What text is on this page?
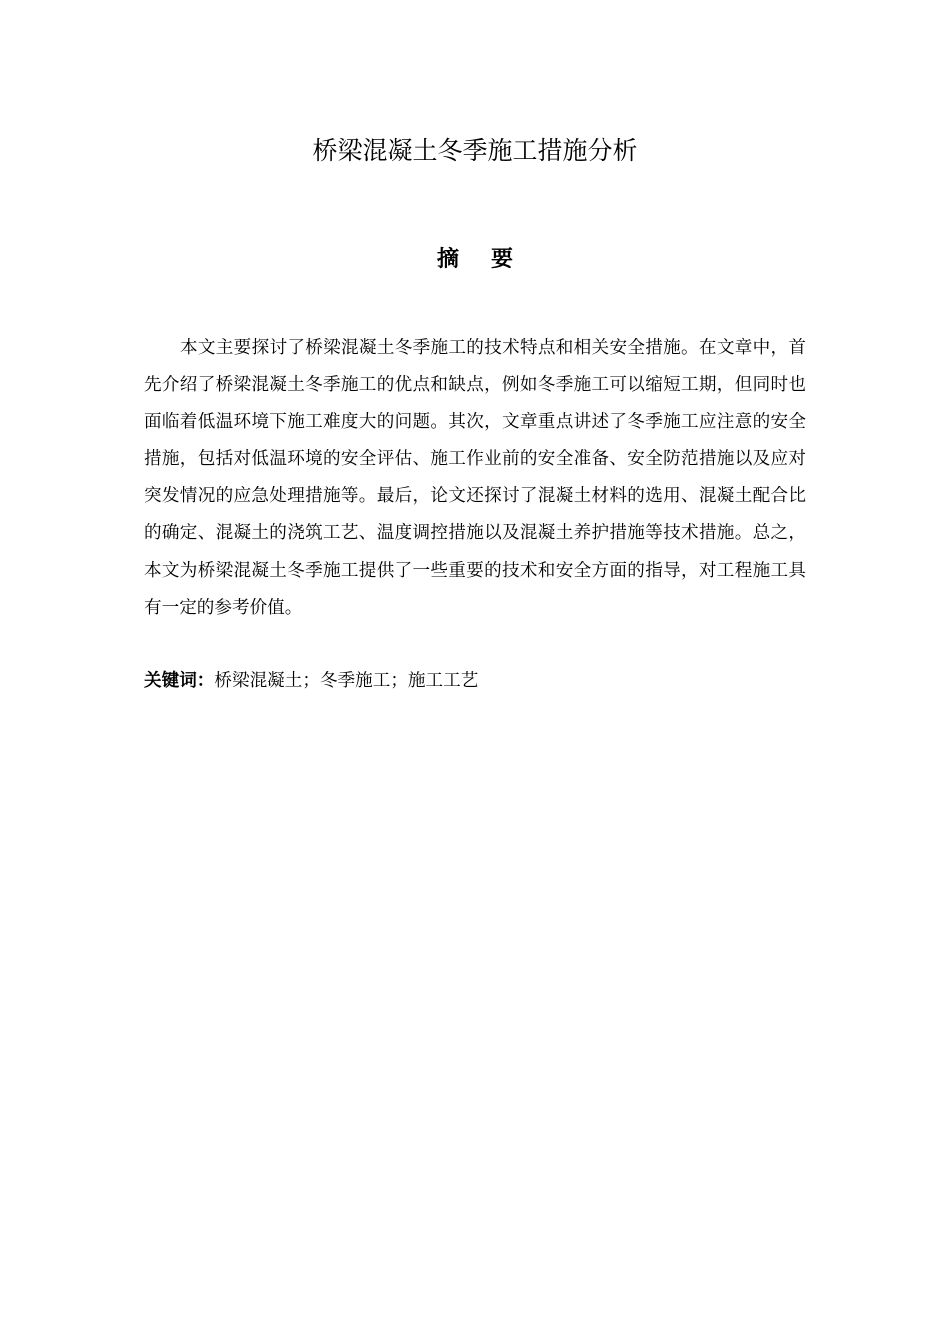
桥梁混凝土冬季施工措施分析
摘要

本文主要探讨了桥梁混凝土冬季施工的技术特点和相关安全措施。在文章中，首先介绍了桥梁混凝土冬季施工的优点和缺点，例如冬季施工可以缩短工期，但同时也面临着低温环境下施工难度大的问题。其次，文章重点讲述了冬季施工应注意的安全措施，包括对低温环境的安全评估、施工作业前的安全准备、安全防范措施以及应对突发情况的应急处理措施等。最后，论文还探讨了混凝土材料的选用、混凝土配合比的确定、混凝土的浇筑工艺、温度调控措施以及混凝土养护措施等技术措施。总之，本文为桥梁混凝土冬季施工提供了一些重要的技术和安全方面的指导，对工程施工具有一定的参考价值。

关键词：桥梁混凝土；冬季施工；施工工艺
